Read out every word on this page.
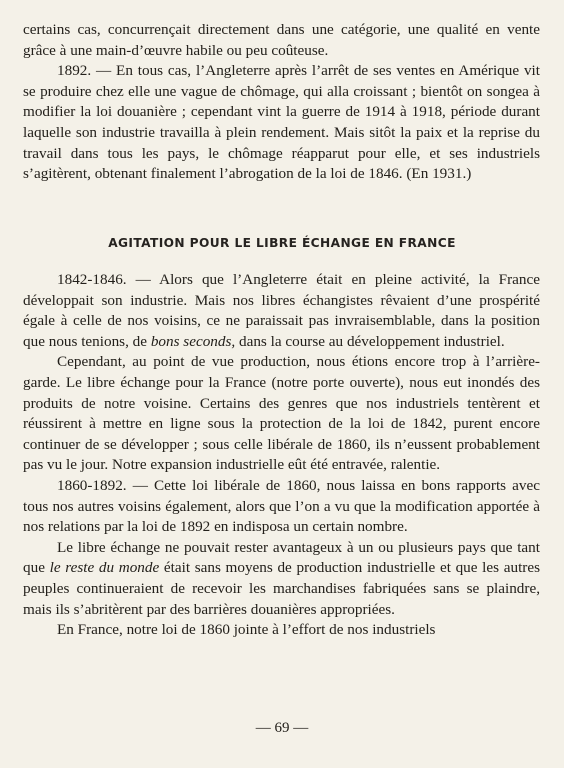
certains cas, concurrençait directement dans une catégorie, une qualité en vente grâce à une main-d’œuvre habile ou peu coûteuse.

1892. — En tous cas, l’Angleterre après l’arrêt de ses ventes en Amérique vit se produire chez elle une vague de chômage, qui alla croissant ; bientôt on songea à modifier la loi douanière ; cependant vint la guerre de 1914 à 1918, période durant laquelle son industrie travailla à plein rendement. Mais sitôt la paix et la reprise du travail dans tous les pays, le chômage réapparut pour elle, et ses industriels s’agitèrent, obtenant finalement l’abrogation de la loi de 1846. (En 1931.)

AGITATION POUR LE LIBRE ÉCHANGE EN FRANCE

1842-1846. — Alors que l’Angleterre était en pleine activité, la France développait son industrie. Mais nos libres échangistes rêvaient d’une prospérité égale à celle de nos voisins, ce ne paraissait pas invraisemblable, dans la position que nous tenions, de bons seconds, dans la course au développement industriel.

Cependant, au point de vue production, nous étions encore trop à l’arrière-garde. Le libre échange pour la France (notre porte ouverte), nous eut inondés des produits de notre voisine. Certains des genres que nos industriels tentèrent et réussirent à mettre en ligne sous la protection de la loi de 1842, purent encore continuer de se développer ; sous celle libérale de 1860, ils n’eussent probablement pas vu le jour. Notre expansion industrielle eût été entravée, ralentie.

1860-1892. — Cette loi libérale de 1860, nous laissa en bons rapports avec tous nos autres voisins également, alors que l’on a vu que la modification apportée à nos relations par la loi de 1892 en indisposa un certain nombre.

Le libre échange ne pouvait rester avantageux à un ou plusieurs pays que tant que le reste du monde était sans moyens de production industrielle et que les autres peuples continueraient de recevoir les marchandises fabriquées sans se plaindre, mais ils s’abritèrent par des barrières douanières appropriées.

En France, notre loi de 1860 jointe à l’effort de nos industriels

— 69 —
